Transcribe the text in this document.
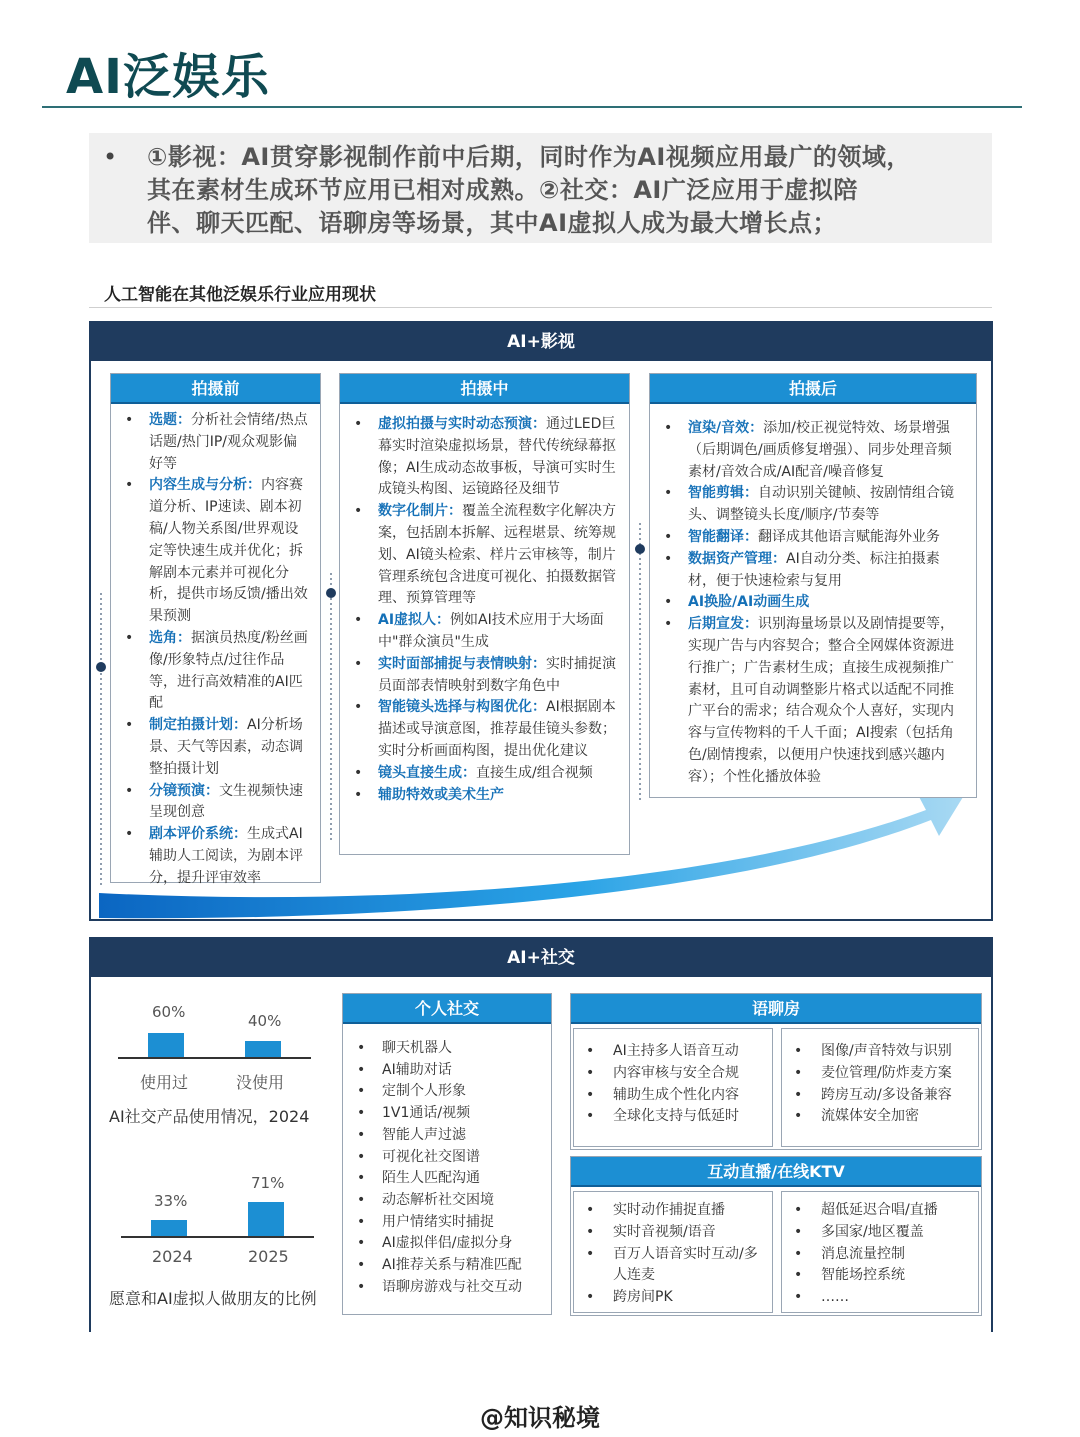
AI泛娱乐
• ①影视：AI贯穿影视制作前中后期，同时作为AI视频应用最广的领域，

其在素材生成环节应用已相对成熟。②社交：AI广泛应用于虚拟陪

伴、聊天匹配、语聊房等场景，其中AI虚拟人成为最大增长点；

人工智能在其他泛娱乐行业应用现状
AI+影视
拍摄前
• 选题：分析社会情绪/热点话题/热门IP/观众观影偏好等
• 内容生成与分析：内容赛道分析、IP速读、剧本初稿/人物关系图/世界观设定等快速生成并优化；拆解剧本元素并可视化分析，提供市场反馈/播出效果预测
• 选角：据演员热度/粉丝画像/形象特点/过往作品等，进行高效精准的AI匹配
• 制定拍摄计划：AI分析场景、天气等因素，动态调整拍摄计划
• 分镜预演：文生视频快速呈现创意
• 剧本评价系统：生成式AI辅助人工阅读，为剧本评分，提升评审效率
拍摄中
• 虚拟拍摄与实时动态预演：通过LED巨幕实时渲染虚拟场景，替代传统绿幕抠像；AI生成动态故事板，导演可实时生成镜头构图、运镜路径及细节
• 数字化制片：覆盖全流程数字化解决方案，包括剧本拆解、远程堪景、统筹规划、AI镜头检索、样片云审核等，制片管理系统包含进度可视化、拍摄数据管理、预算管理等
• AI虚拟人：例如AI技术应用于大场面中"群众演员"生成
• 实时面部捕捉与表情映射：实时捕捉演员面部表情映射到数字角色中
• 智能镜头选择与构图优化：AI根据剧本描述或导演意图，推荐最佳镜头参数；实时分析画面构图，提出优化建议
• 镜头直接生成：直接生成/组合视频
• 辅助特效或美术生产
拍摄后
• 渲染/音效：添加/校正视觉特效、场景增强（后期调色/画质修复增强）、同步处理音频素材/音效合成/AI配音/噪音修复
• 智能剪辑：自动识别关键帧、按剧情组合镜头、调整镜头长度/顺序/节奏等
• 智能翻译：翻译成其他语言赋能海外业务
• 数据资产管理：AI自动分类、标注拍摄素材，便于快速检索与复用
• AI换脸/AI动画生成
• 后期宣发：识别海量场景以及剧情提要等，实现广告与内容契合；整合全网媒体资源进行推广；广告素材生成；直接生成视频推广素材，且可自动调整影片格式以适配不同推广平台的需求；结合观众个人喜好，实现内容与宣传物料的千人千面；AI搜索（包括角色/剧情搜索，以便用户快速找到感兴趣内容）；个性化播放体验
AI+社交
60%	40%
使用过	没使用
AI社交产品使用情况，2024
33%
71%
2024	2025
愿意和AI虚拟人做朋友的比例
个人社交
• 聊天机器人
• AI辅助对话
• 定制个人形象
• 1V1通话/视频
• 智能人声过滤
• 可视化社交图谱
• 陌生人匹配沟通
• 动态解析社交困境
• 用户情绪实时捕捉
• AI虚拟伴侣/虚拟分身
• AI推荐关系与精准匹配
• 语聊房游戏与社交互动
语聊房
• AI主持多人语音互动
• 内容审核与安全合规
• 辅助生成个性化内容
• 全球化支持与低延时
• 图像/声音特效与识别
• 麦位管理/防炸麦方案
• 跨房互动/多设备兼容
• 流媒体安全加密
互动直播/在线KTV
• 实时动作捕捉直播
• 实时音视频/语音
• 百万人语音实时互动/多人连麦
• 跨房间PK
• 超低延迟合唱/直播
• 多国家/地区覆盖
• 消息流量控制
• 智能场控系统
• ……
@知识秘境
